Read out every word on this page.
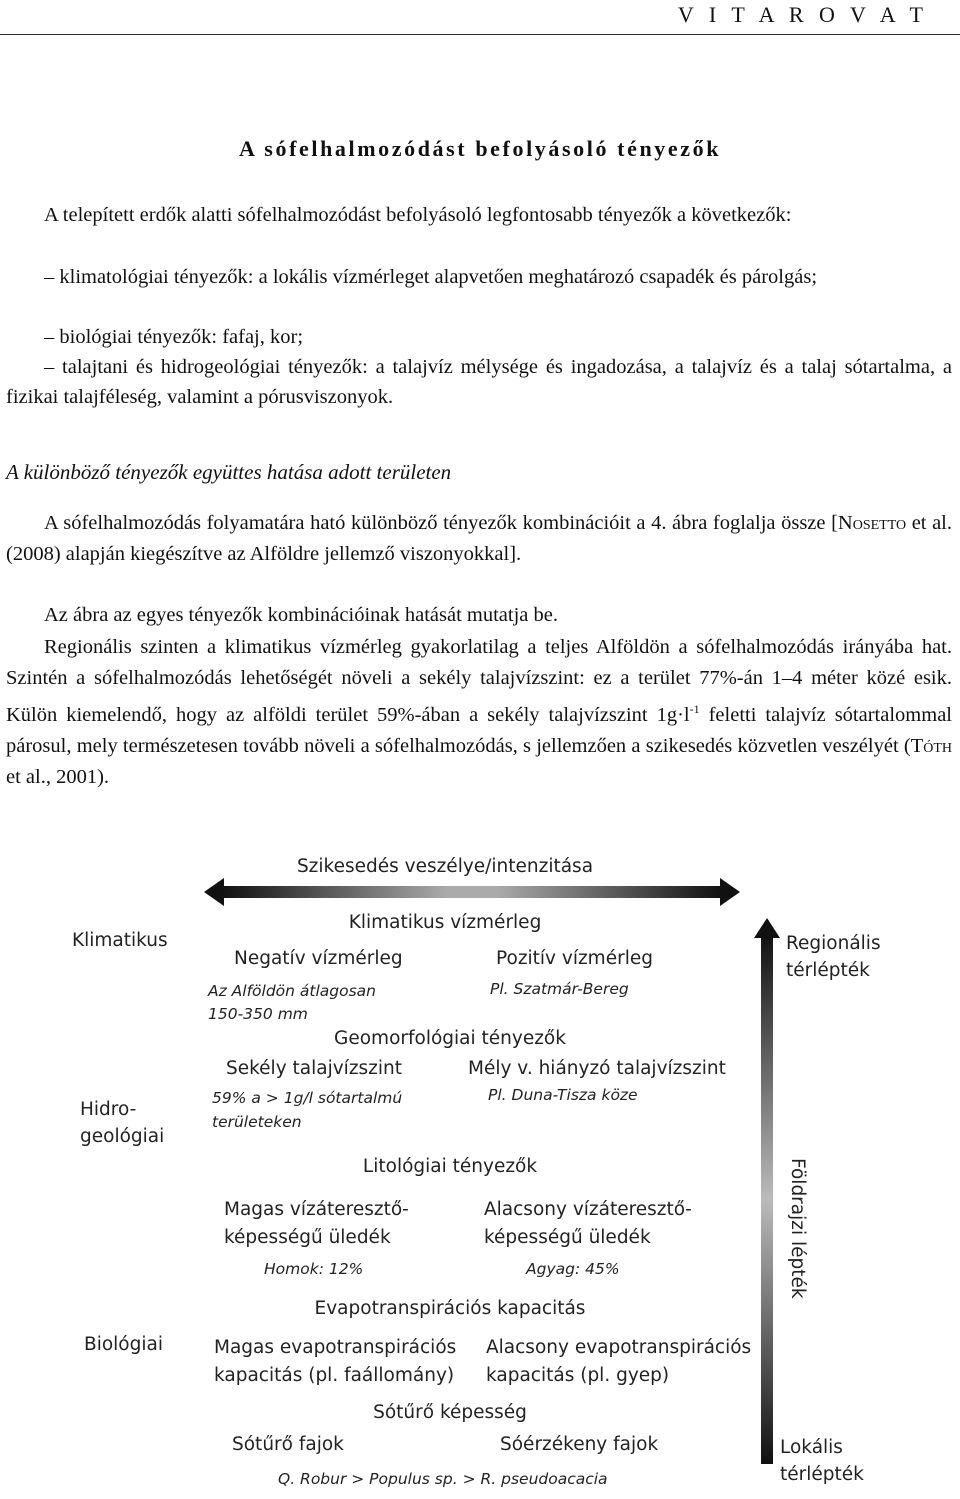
V I T A R O V A T
A sófelhalmozódást befolyásoló tényezők
A telepített erdők alatti sófelhalmozódást befolyásoló legfontosabb tényezők a következők:
– klimatológiai tényezők: a lokális vízmérleget alapvetően meghatározó csapadék és párolgás;
– biológiai tényezők: fafaj, kor;
– talajtani és hidrogeológiai tényezők: a talajvíz mélysége és ingadozása, a talajvíz és a talaj sótartalma, a fizikai talajféleség, valamint a pórusviszonyok.
A különböző tényezők együttes hatása adott területen
A sófelhalmozódás folyamatára ható különböző tényezők kombinációit a 4. ábra foglalja össze [Nosetto et al. (2008) alapján kiegészítve az Alföldre jellemző viszonyokkal].
Az ábra az egyes tényezők kombinációinak hatását mutatja be.
Regionális szinten a klimatikus vízmérleg gyakorlatilag a teljes Alföldön a sófelhalmozódás irányába hat. Szintén a sófelhalmozódás lehetőségét növeli a sekély talajvízszint: ez a terület 77%-án 1–4 méter közé esik. Külön kiemelendő, hogy az alföldi terület 59%-ában a sekély talajvízszint $1g\cdot l^{-1}$ feletti talajvíz sótartalommal párosul, mely természetesen tovább növeli a sófelhalmozódás, s jellemzően a szikesedés közvetlen veszélyét (Tóth et al., 2001).
Szikesedés veszélye/intenzitása
Klimatikus
Hidro-
geológiai
Biológiai
Regionális
térlépték
Földrajzi lépték
Lokális
térlépték
Klimatikus vízmérleg
Negatív vízmérleg	Pozitív vízmérleg
Az Alföldön átlagosan
150-350 mm
Pl. Szatmár-Bereg
Geomorfológiai tényezők
Sekély talajvízszint	Mély v. hiányzó talajvízszint
59% a > 1g/l sótartalmú
területeken
Pl. Duna-Tisza köze
Litológiai tényezők
Magas vízáteresztő-
képességű üledék
Alacsony vízáteresztő-
képességű üledék
Homok: 12%	Agyag: 45%
Evapotranspirációs kapacitás
Magas evapotranspirációs
kapacitás (pl. faállomány)
Alacsony evapotranspirációs
kapacitás (pl. gyep)
Sótűrő képesség
Sótűrő fajok	Sóérzékeny fajok
Q. Robur > Populus sp. > R. pseudoacacia
